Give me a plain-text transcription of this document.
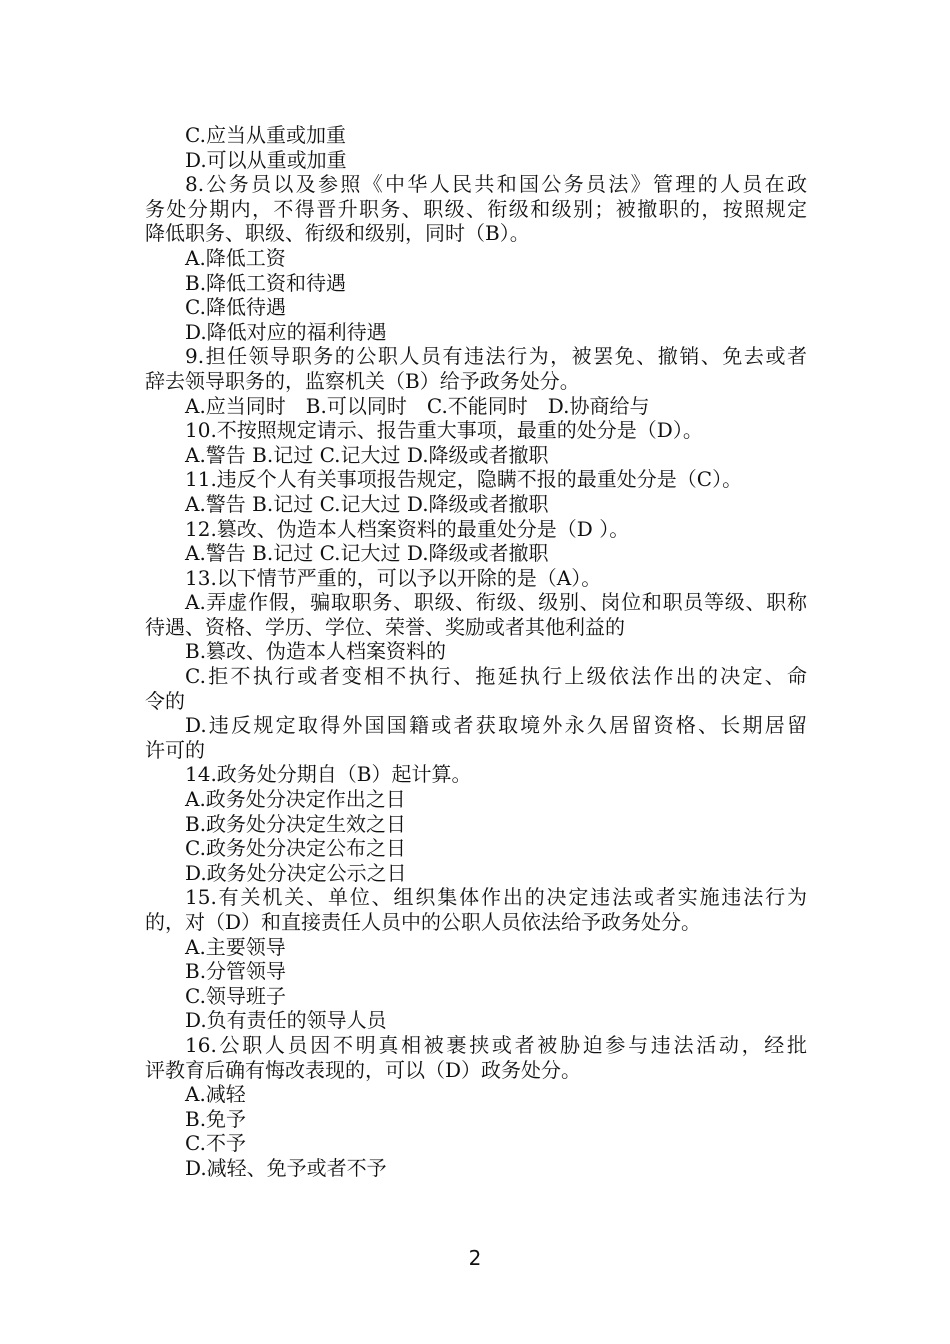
C.应当从重或加重
D.可以从重或加重
8.公务员以及参照《中华人民共和国公务员法》管理的人员在政
务处分期内，不得晋升职务、职级、衔级和级别；被撤职的，按照规定
降低职务、职级、衔级和级别，同时（B）。
A.降低工资
B.降低工资和待遇
C.降低待遇
D.降低对应的福利待遇
9.担任领导职务的公职人员有违法行为，被罢免、撤销、免去或者
辞去领导职务的，监察机关（B）给予政务处分。
A.应当同时　B.可以同时　C.不能同时　D.协商给与
10.不按照规定请示、报告重大事项，最重的处分是（D）。
A.警告 B.记过 C.记大过 D.降级或者撤职
11.违反个人有关事项报告规定，隐瞒不报的最重处分是（C）。
A.警告 B.记过 C.记大过 D.降级或者撤职
12.篡改、伪造本人档案资料的最重处分是（D ）。
A.警告 B.记过 C.记大过 D.降级或者撤职
13.以下情节严重的，可以予以开除的是（A）。
A.弄虚作假，骗取职务、职级、衔级、级别、岗位和职员等级、职称
待遇、资格、学历、学位、荣誉、奖励或者其他利益的
B.篡改、伪造本人档案资料的
C.拒不执行或者变相不执行、拖延执行上级依法作出的决定、命
令的
D.违反规定取得外国国籍或者获取境外永久居留资格、长期居留
许可的
14.政务处分期自（B）起计算。
A.政务处分决定作出之日
B.政务处分决定生效之日
C.政务处分决定公布之日
D.政务处分决定公示之日
15.有关机关、单位、组织集体作出的决定违法或者实施违法行为
的，对（D）和直接责任人员中的公职人员依法给予政务处分。
A.主要领导
B.分管领导
C.领导班子
D.负有责任的领导人员
16.公职人员因不明真相被裹挟或者被胁迫参与违法活动，经批
评教育后确有悔改表现的，可以（D）政务处分。
A.减轻
B.免予
C.不予
D.减轻、免予或者不予
2
